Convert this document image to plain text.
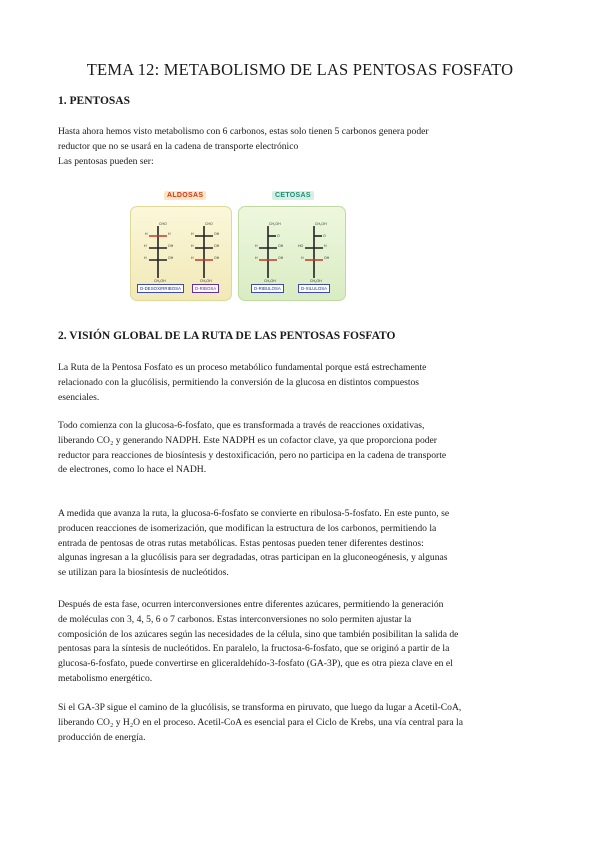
TEMA 12: METABOLISMO DE LAS PENTOSAS FOSFATO
1. PENTOSAS
Hasta ahora hemos visto metabolismo con 6 carbonos, estas solo tienen 5 carbonos genera poder
reductor que no se usará en la cadena de transporte electrónico
Las pentosas pueden ser:
ALDOSAS	CETOSAS
CHO
H	H
H	OH
H	OH
CH₂OH
CHO
H	OH
H	OH
H	OH
CH₂OH
CH₂OH
O
H	OH
H	OH
CH₂OH
CH₂OH
O
HO	H
H	OH
CH₂OH
D-DESOXIRRIBOSA	D-RIBOSA	D-RIBULOSA	D-XILULOSA
2. VISIÓN GLOBAL DE LA RUTA DE LAS PENTOSAS FOSFATO
La Ruta de la Pentosa Fosfato es un proceso metabólico fundamental porque está estrechamente
relacionado con la glucólisis, permitiendo la conversión de la glucosa en distintos compuestos
esenciales.
Todo comienza con la glucosa-6-fosfato, que es transformada a través de reacciones oxidativas,
liberando CO₂ y generando NADPH. Este NADPH es un cofactor clave, ya que proporciona poder
reductor para reacciones de biosíntesis y destoxificación, pero no participa en la cadena de transporte
de electrones, como lo hace el NADH.
A medida que avanza la ruta, la glucosa-6-fosfato se convierte en ribulosa-5-fosfato. En este punto, se
producen reacciones de isomerización, que modifican la estructura de los carbonos, permitiendo la
entrada de pentosas de otras rutas metabólicas. Estas pentosas pueden tener diferentes destinos:
algunas ingresan a la glucólisis para ser degradadas, otras participan en la gluconeogénesis, y algunas
se utilizan para la biosíntesis de nucleótidos.
Después de esta fase, ocurren interconversiones entre diferentes azúcares, permitiendo la generación
de moléculas con 3, 4, 5, 6 o 7 carbonos. Estas interconversiones no solo permiten ajustar la
composición de los azúcares según las necesidades de la célula, sino que también posibilitan la salida de
pentosas para la síntesis de nucleótidos. En paralelo, la fructosa-6-fosfato, que se originó a partir de la
glucosa-6-fosfato, puede convertirse en gliceraldehído-3-fosfato (GA-3P), que es otra pieza clave en el
metabolismo energético.
Si el GA-3P sigue el camino de la glucólisis, se transforma en piruvato, que luego da lugar a Acetil-CoA,
liberando CO₂ y H₂O en el proceso. Acetil-CoA es esencial para el Ciclo de Krebs, una vía central para la
producción de energía.
